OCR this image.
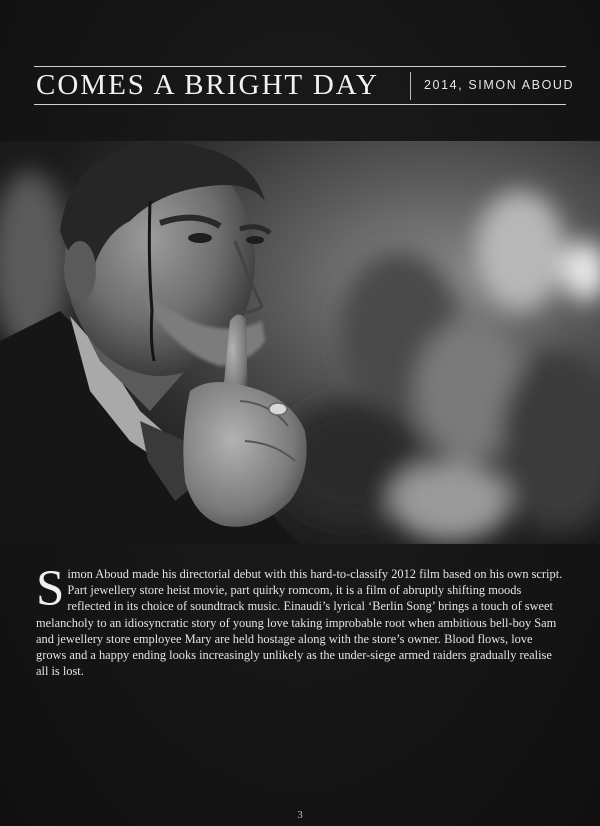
COMES A BRIGHT DAY	2014, SIMON ABOUD

Simon Aboud made his directorial debut with this hard-to-classify 2012 film based on his own script. Part jewellery store heist movie, part quirky romcom, it is a film of abruptly shifting moods reflected in its choice of soundtrack music. Einaudi’s lyrical ‘Berlin Song’ brings a touch of sweet melancholy to an idiosyncratic story of young love taking improbable root when ambitious bell-boy Sam and jewellery store employee Mary are held hostage along with the store’s owner. Blood flows, love grows and a happy ending looks increasingly unlikely as the under-siege armed raiders gradually realise all is lost.

3
